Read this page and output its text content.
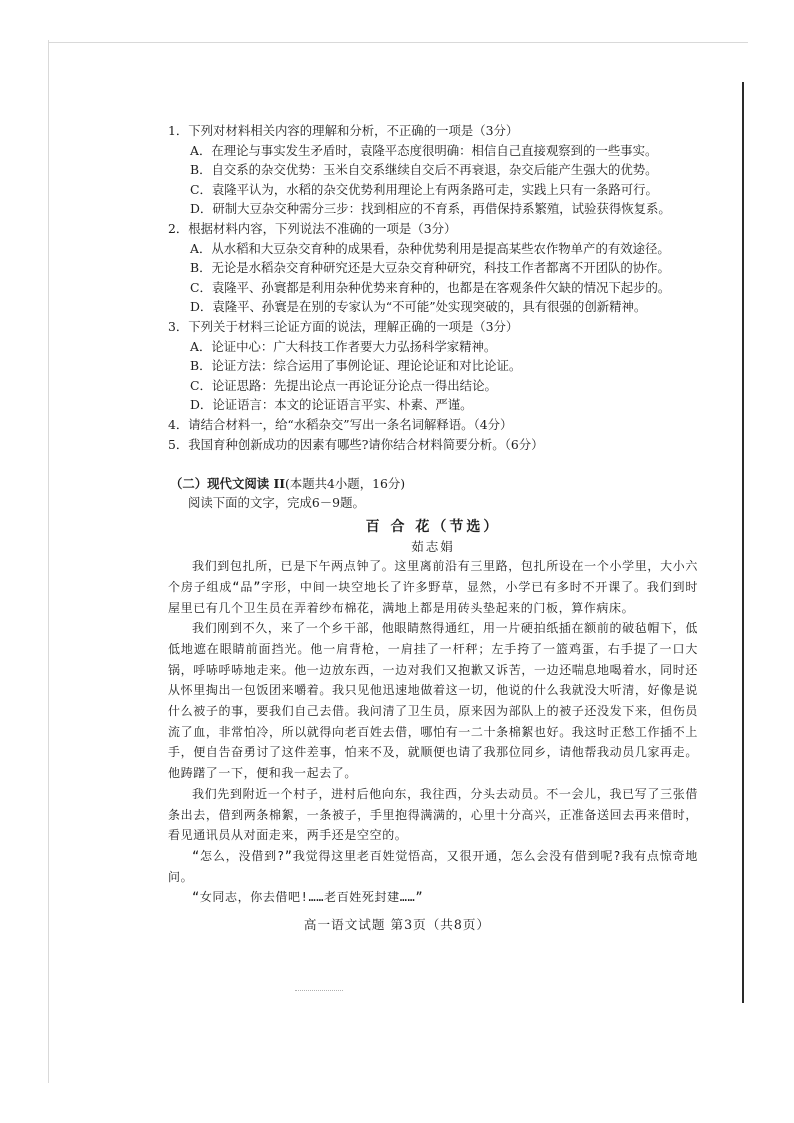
1．下列对材料相关内容的理解和分析，不正确的一项是（3分）
A．在理论与事实发生矛盾时，袁隆平态度很明确：相信自己直接观察到的一些事实。
B．自交系的杂交优势：玉米自交系继续自交后不再衰退，杂交后能产生强大的优势。
C．袁隆平认为，水稻的杂交优势利用理论上有两条路可走，实践上只有一条路可行。
D．研制大豆杂交种需分三步：找到相应的不育系，再借保持系繁殖，试验获得恢复系。
2．根据材料内容，下列说法不准确的一项是（3分）
A．从水稻和大豆杂交育种的成果看，杂种优势利用是提高某些农作物单产的有效途径。
B．无论是水稻杂交育种研究还是大豆杂交育种研究，科技工作者都离不开团队的协作。
C．袁隆平、孙寰都是利用杂种优势来育种的，也都是在客观条件欠缺的情况下起步的。
D．袁隆平、孙寰是在别的专家认为“不可能”处实现突破的，具有很强的创新精神。
3．下列关于材料三论证方面的说法，理解正确的一项是（3分）
A．论证中心：广大科技工作者要大力弘扬科学家精神。
B．论证方法：综合运用了事例论证、理论论证和对比论证。
C．论证思路：先提出论点一再论证分论点一得出结论。
D．论证语言：本文的论证语言平实、朴素、严谨。
4．请结合材料一，给“水稻杂交”写出一条名词解释语。（4分）
5．我国育种创新成功的因素有哪些?请你结合材料简要分析。（6分）
（二）现代文阅读 II(本题共4小题，16分)
阅读下面的文字，完成6－9题。
百 合 花（节选）
茹志娟

我们到包扎所，已是下午两点钟了。这里离前沿有三里路，包扎所设在一个小学里，大小六个房子组成“品”字形，中间一块空地长了许多野草，显然，小学已有多时不开课了。我们到时屋里已有几个卫生员在弄着纱布棉花，满地上都是用砖头垫起来的门板，算作病床。

我们刚到不久，来了一个乡干部，他眼睛熬得通红，用一片硬拍纸插在额前的破毡帽下，低低地遮在眼睛前面挡光。他一肩背枪，一肩挂了一杆秤；左手挎了一篮鸡蛋，右手提了一口大锅，呼哧呼哧地走来。他一边放东西，一边对我们又抱歉又诉苦，一边还喘息地喝着水，同时还从怀里掏出一包饭团来嚼着。我只见他迅速地做着这一切，他说的什么我就没大听清，好像是说什么被子的事，要我们自己去借。我问清了卫生员，原来因为部队上的被子还没发下来，但伤员流了血，非常怕冷，所以就得向老百姓去借，哪怕有一二十条棉絮也好。我这时正愁工作插不上手，便自告奋勇讨了这件差事，怕来不及，就顺便也请了我那位同乡，请他帮我动员几家再走。他踌躇了一下，便和我一起去了。

我们先到附近一个村子，进村后他向东，我往西，分头去动员。不一会儿，我已写了三张借条出去，借到两条棉絮，一条被子，手里抱得满满的，心里十分高兴，正准备送回去再来借时，看见通讯员从对面走来，两手还是空空的。

“怎么，没借到?”我觉得这里老百姓觉悟高，又很开通，怎么会没有借到呢?我有点惊奇地问。

“女同志，你去借吧!……老百姓死封建……”

高一语文试题 第3页（共8页）
